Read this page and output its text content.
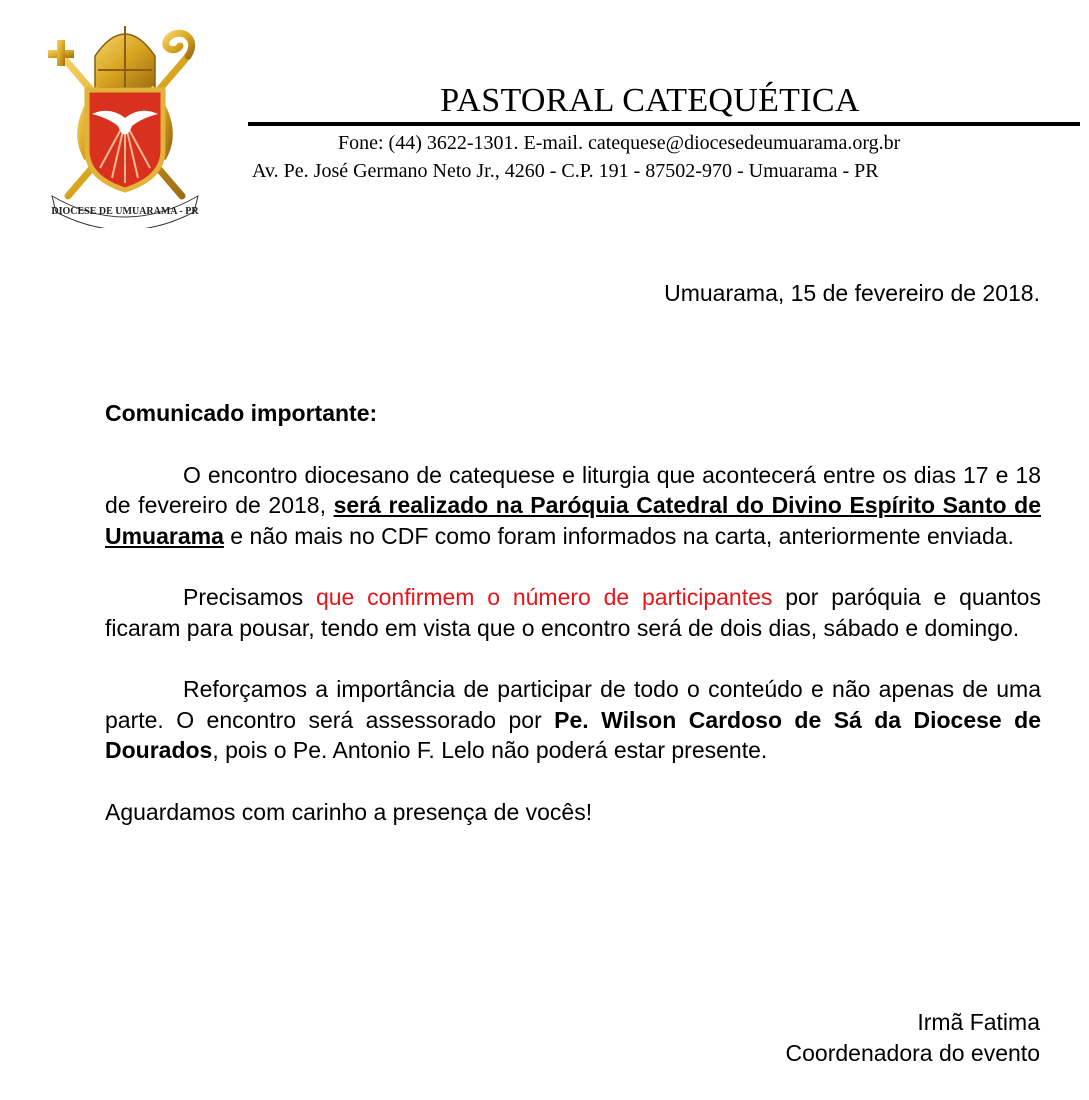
DIOCESE DE UMUARAMA - PR
PASTORAL CATEQUÉTICA
Fone: (44) 3622-1301. E-mail. catequese@diocesedeumuarama.org.br
Av. Pe. José Germano Neto Jr., 4260 - C.P. 191 - 87502-970 - Umuarama - PR
Umuarama, 15 de fevereiro de 2018.

Comunicado importante:

O encontro diocesano de catequese e liturgia que acontecerá entre os dias 17 e 18 de fevereiro de 2018, será realizado na Paróquia Catedral do Divino Espírito Santo de Umuarama e não mais no CDF como foram informados na carta, anteriormente enviada.

Precisamos que confirmem o número de participantes por paróquia e quantos ficaram para pousar, tendo em vista que o encontro será de dois dias, sábado e domingo.

Reforçamos a importância de participar de todo o conteúdo e não apenas de uma parte. O encontro será assessorado por Pe. Wilson Cardoso de Sá da Diocese de Dourados, pois o Pe. Antonio F. Lelo não poderá estar presente.

Aguardamos com carinho a presença de vocês!

Irmã Fatima
Coordenadora do evento
